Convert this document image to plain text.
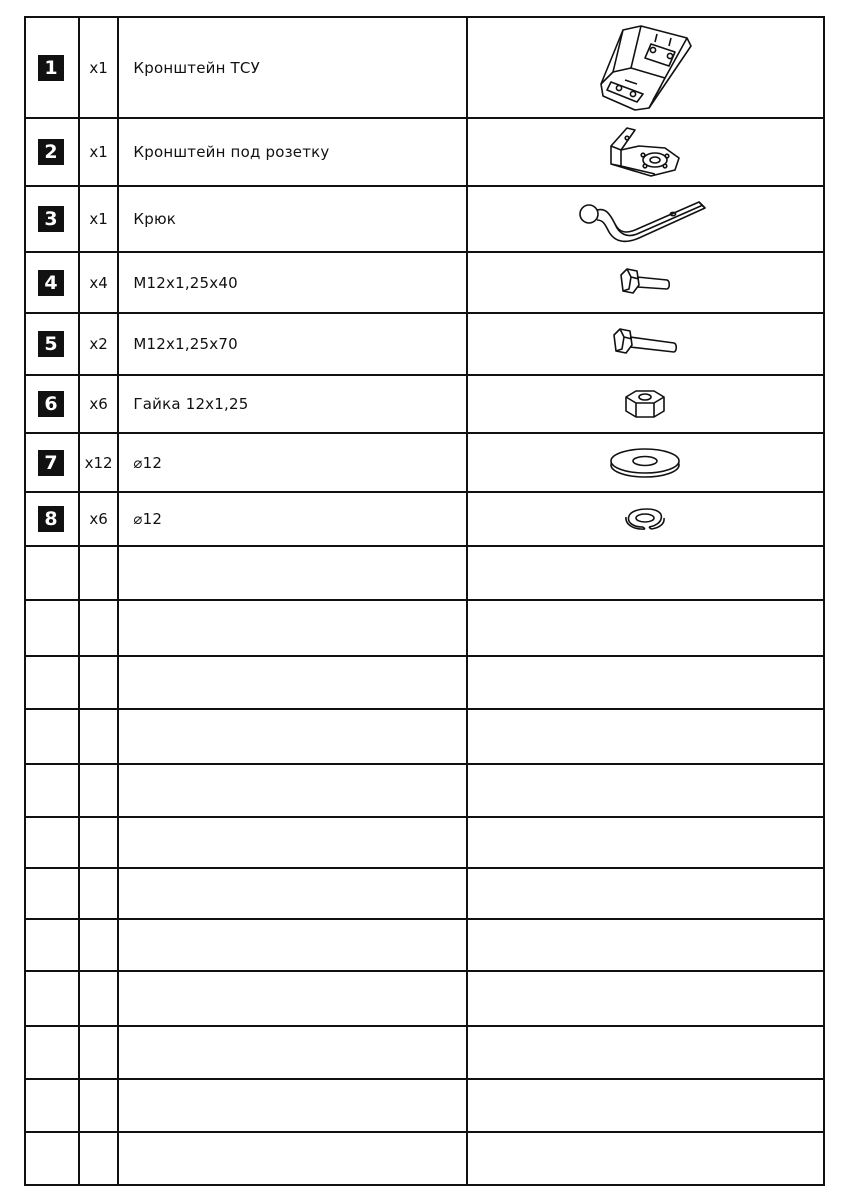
1	x1	Кронштейн ТСУ

2	x1	Кронштейн под розетку

3	x1	Крюк

4	x4	M12x1,25x40

5	x2	M12x1,25x70

6	x6	Гайка 12x1,25

7	x12	⌀12

8	x6	⌀12
